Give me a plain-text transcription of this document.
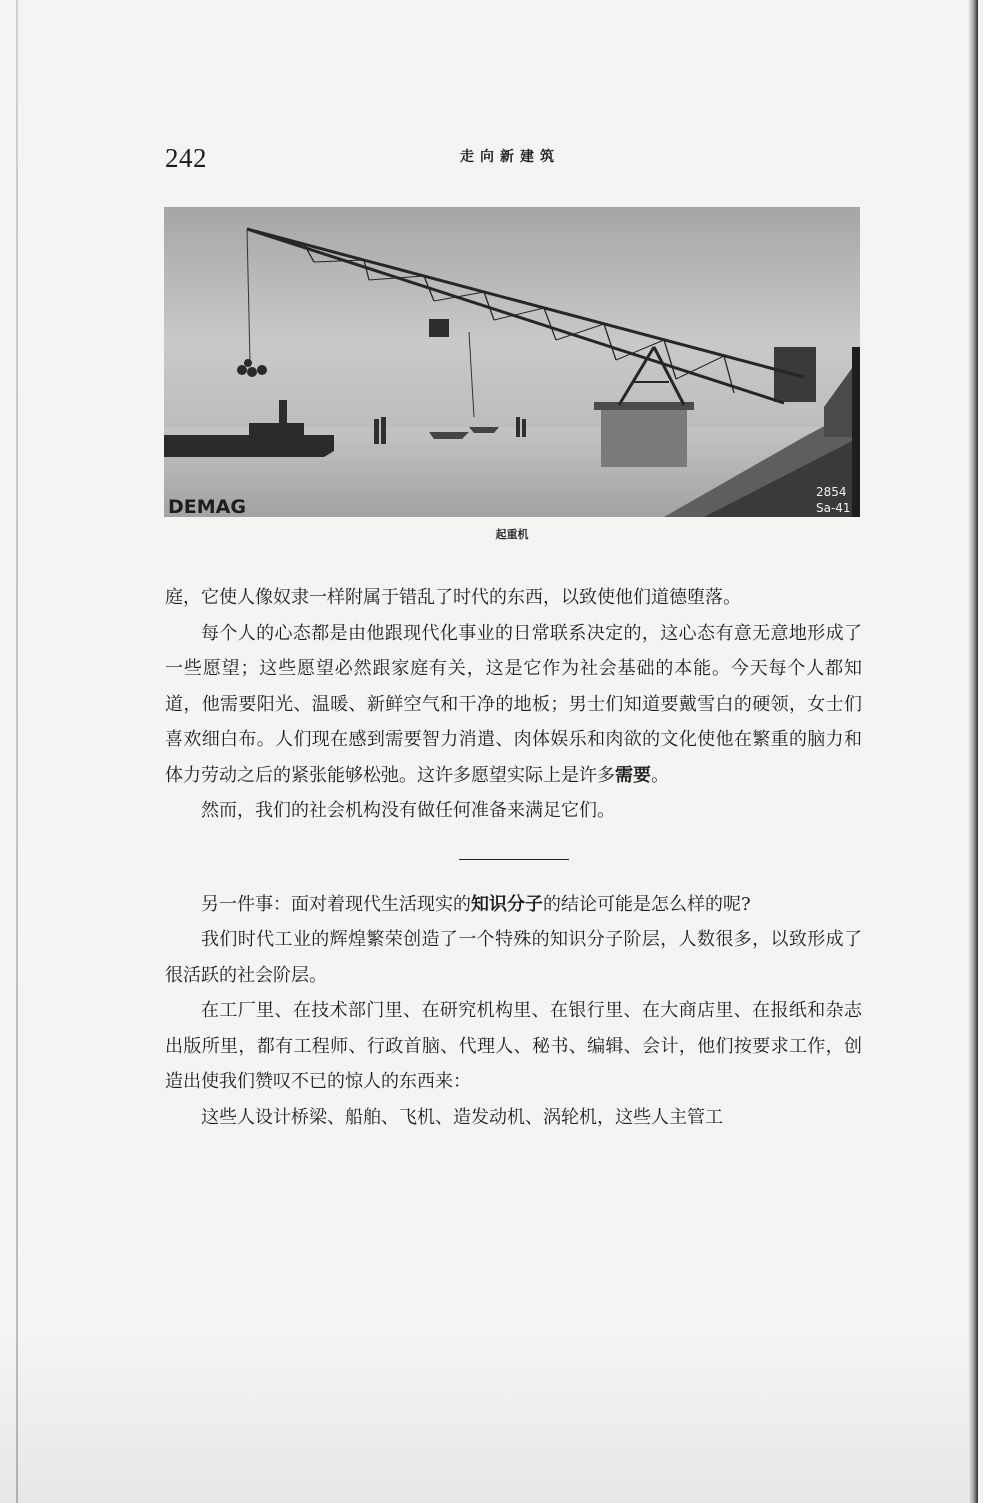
242	走向新建筑
DEMAG
2854
Sa-41
起重机

庭，它使人像奴隶一样附属于错乱了时代的东西，以致使他们道德堕落。

每个人的心态都是由他跟现代化事业的日常联系决定的，这心态有意无意地形成了一些愿望；这些愿望必然跟家庭有关，这是它作为社会基础的本能。今天每个人都知道，他需要阳光、温暖、新鲜空气和干净的地板；男士们知道要戴雪白的硬领，女士们喜欢细白布。人们现在感到需要智力消遣、肉体娱乐和肉欲的文化使他在繁重的脑力和体力劳动之后的紧张能够松弛。这许多愿望实际上是许多需要。

然而，我们的社会机构没有做任何准备来满足它们。

另一件事：面对着现代生活现实的知识分子的结论可能是怎么样的呢?

我们时代工业的辉煌繁荣创造了一个特殊的知识分子阶层，人数很多，以致形成了很活跃的社会阶层。

在工厂里、在技术部门里、在研究机构里、在银行里、在大商店里、在报纸和杂志出版所里，都有工程师、行政首脑、代理人、秘书、编辑、会计，他们按要求工作，创造出使我们赞叹不已的惊人的东西来：

这些人设计桥梁、船舶、飞机、造发动机、涡轮机，这些人主管工
